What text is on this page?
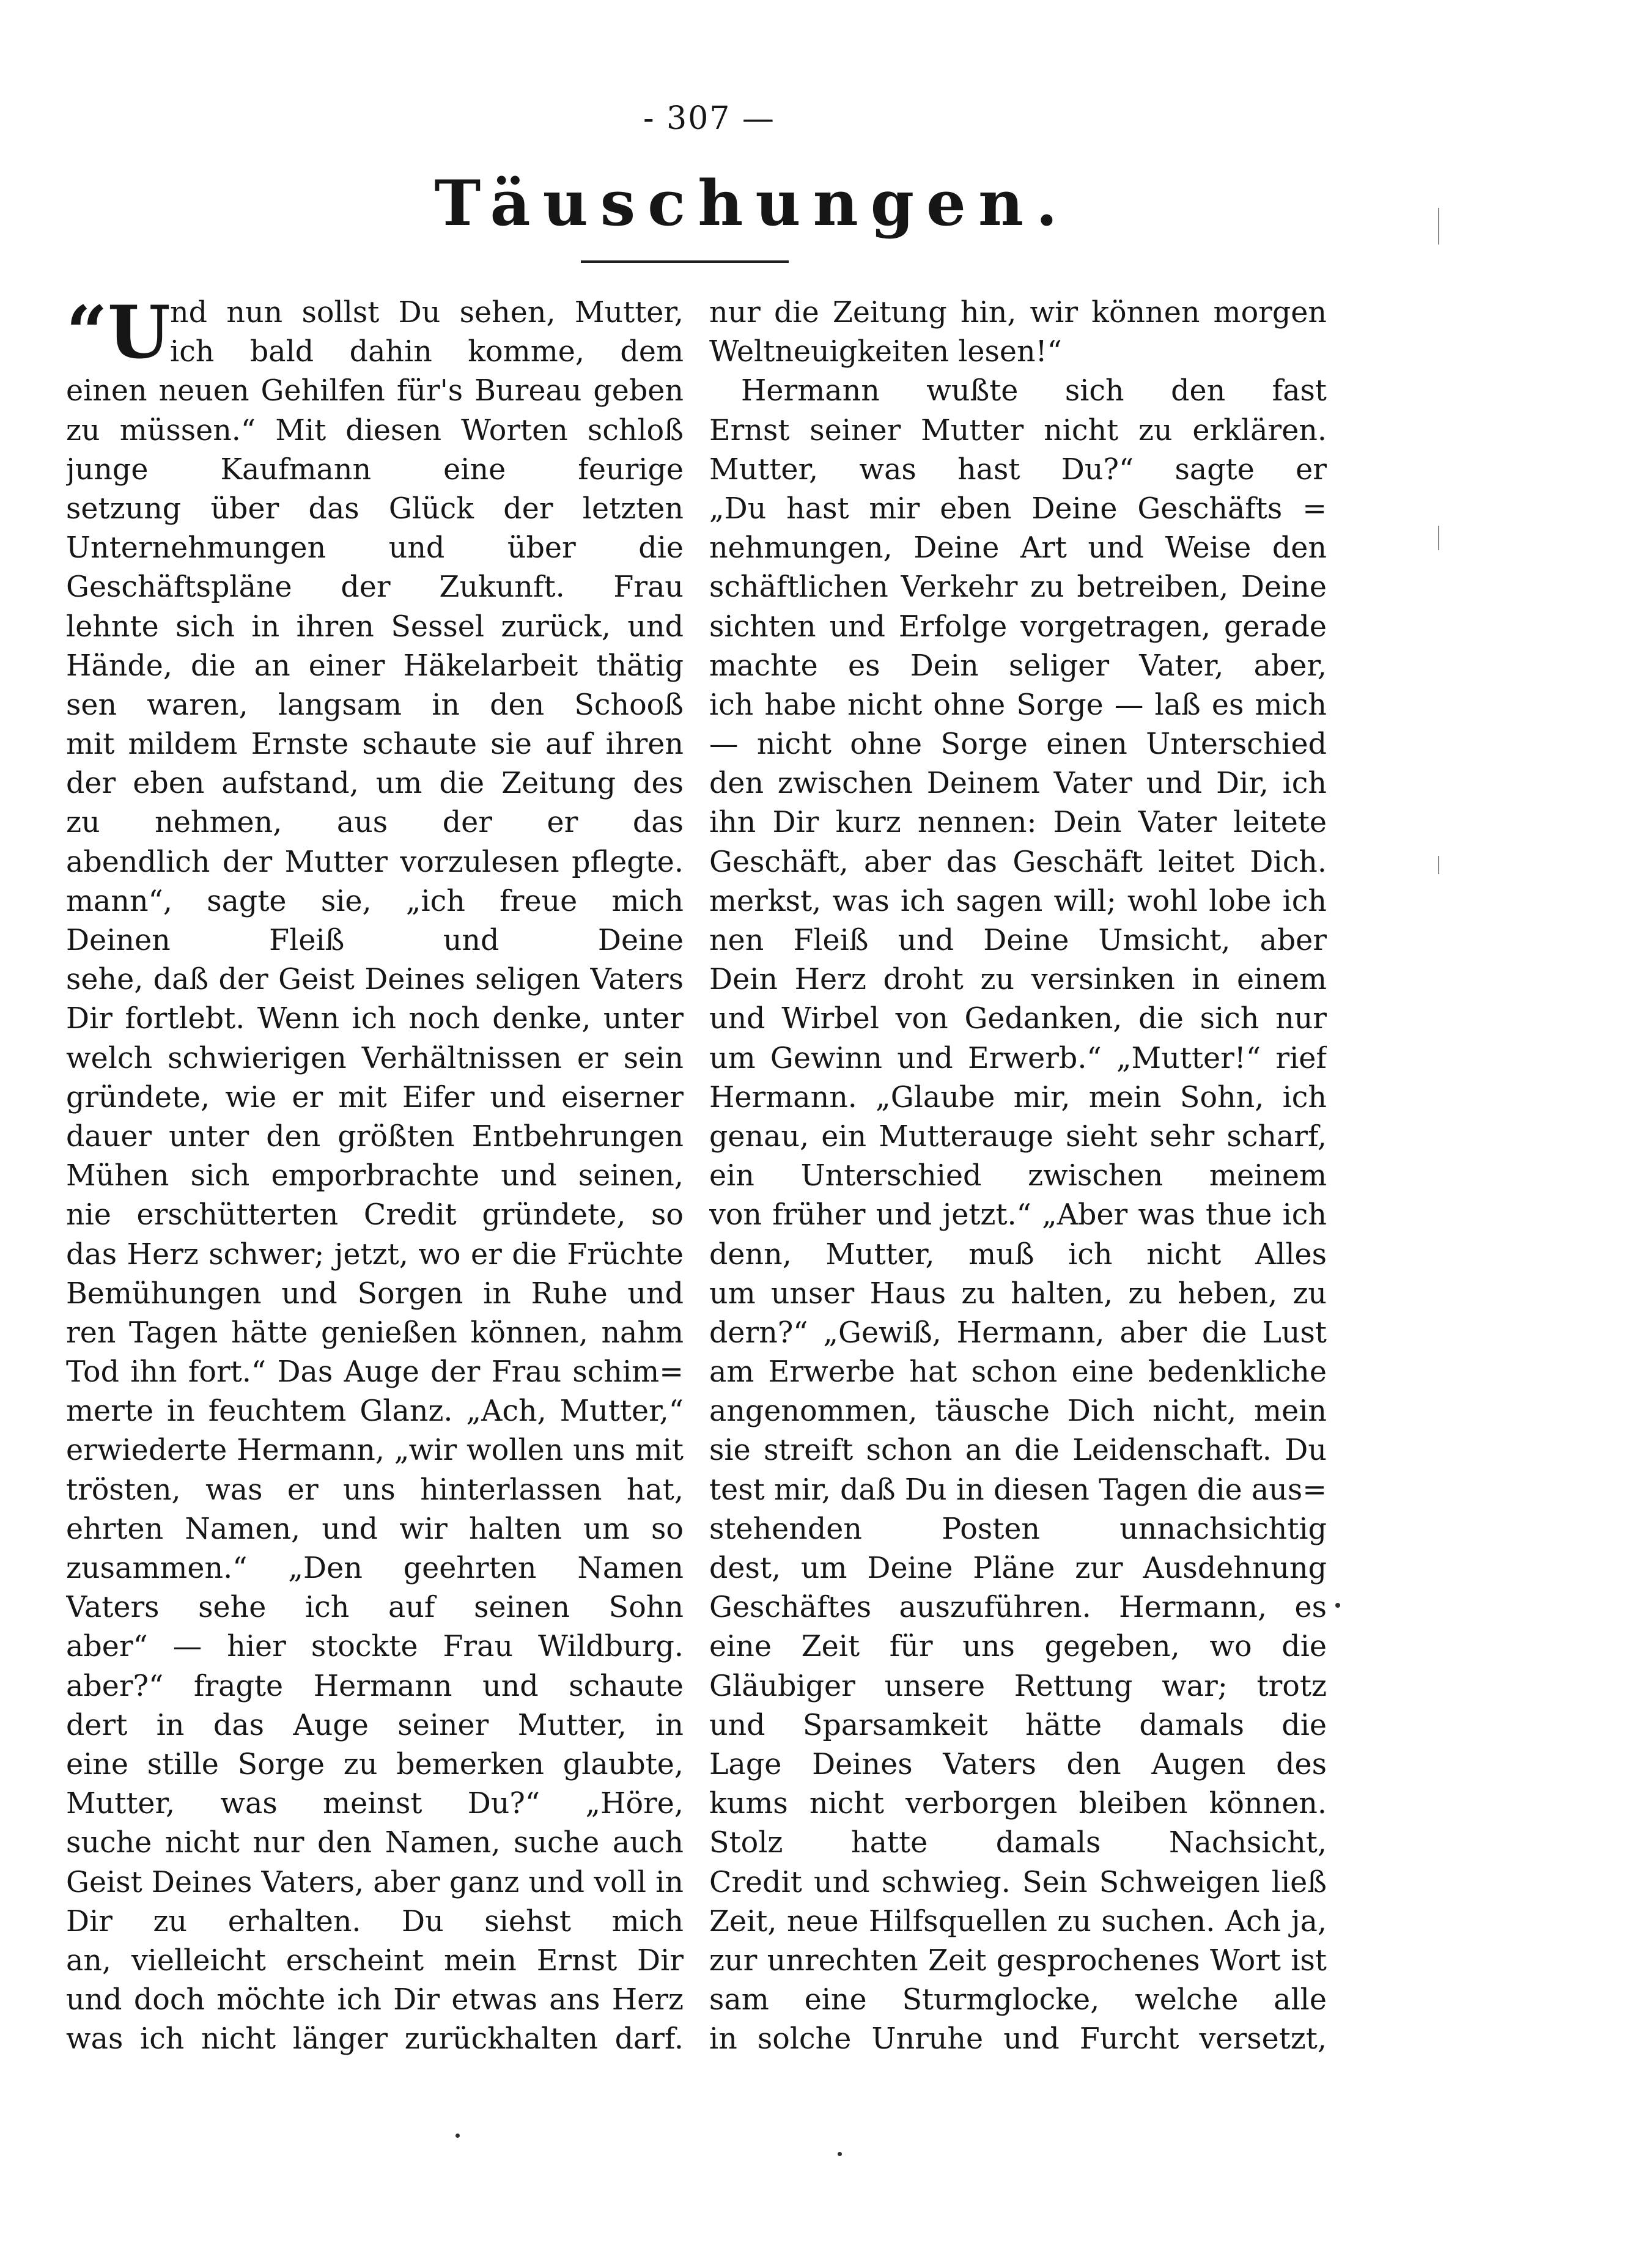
- 307 —
Täuschungen.
“U nd nun sollst Du sehen, Mutter,
ich bald dahin komme, dem
einen neuen Gehilfen für's Bureau geben
zu müssen.“ Mit diesen Worten schloß
junge Kaufmann eine feurige
setzung über das Glück der letzten
Unternehmungen und über die
Geschäftspläne der Zukunft. Frau
lehnte sich in ihren Sessel zurück, und
Hände, die an einer Häkelarbeit thätig
sen waren, langsam in den Schooß
mit mildem Ernste schaute sie auf ihren
der eben aufstand, um die Zeitung des
zu nehmen, aus der er das
abendlich der Mutter vorzulesen pflegte.
mann“, sagte sie, „ich freue mich
Deinen Fleiß und Deine
sehe, daß der Geist Deines seligen Vaters
Dir fortlebt. Wenn ich noch denke, unter
welch schwierigen Verhältnissen er sein
gründete, wie er mit Eifer und eiserner
dauer unter den größten Entbehrungen
Mühen sich emporbrachte und seinen,
nie erschütterten Credit gründete, so
das Herz schwer; jetzt, wo er die Früchte
Bemühungen und Sorgen in Ruhe und
ren Tagen hätte genießen können, nahm
Tod ihn fort.“ Das Auge der Frau schim=
merte in feuchtem Glanz. „Ach, Mutter,“
erwiederte Hermann, „wir wollen uns mit
trösten, was er uns hinterlassen hat,
ehrten Namen, und wir halten um so
zusammen.“ „Den geehrten Namen
Vaters sehe ich auf seinen Sohn
aber“ — hier stockte Frau Wildburg.
aber?“ fragte Hermann und schaute
dert in das Auge seiner Mutter, in
eine stille Sorge zu bemerken glaubte,
Mutter, was meinst Du?“ „Höre,
suche nicht nur den Namen, suche auch
Geist Deines Vaters, aber ganz und voll in
Dir zu erhalten. Du siehst mich
an, vielleicht erscheint mein Ernst Dir
und doch möchte ich Dir etwas ans Herz
was ich nicht länger zurückhalten darf.
nur die Zeitung hin, wir können morgen
Weltneuigkeiten lesen!“
Hermann wußte sich den fast
Ernst seiner Mutter nicht zu erklären.
Mutter, was hast Du?“ sagte er
„Du hast mir eben Deine Geschäfts =
nehmungen, Deine Art und Weise den
schäftlichen Verkehr zu betreiben, Deine
sichten und Erfolge vorgetragen, gerade
machte es Dein seliger Vater, aber,
ich habe nicht ohne Sorge — laß es mich
— nicht ohne Sorge einen Unterschied
den zwischen Deinem Vater und Dir, ich
ihn Dir kurz nennen: Dein Vater leitete
Geschäft, aber das Geschäft leitet Dich.
merkst, was ich sagen will; wohl lobe ich
nen Fleiß und Deine Umsicht, aber
Dein Herz droht zu versinken in einem
und Wirbel von Gedanken, die sich nur
um Gewinn und Erwerb.“ „Mutter!“ rief
Hermann. „Glaube mir, mein Sohn, ich
genau, ein Mutterauge sieht sehr scharf,
ein Unterschied zwischen meinem
von früher und jetzt.“ „Aber was thue ich
denn, Mutter, muß ich nicht Alles
um unser Haus zu halten, zu heben, zu
dern?“ „Gewiß, Hermann, aber die Lust
am Erwerbe hat schon eine bedenkliche
angenommen, täusche Dich nicht, mein
sie streift schon an die Leidenschaft. Du
test mir, daß Du in diesen Tagen die aus=
stehenden Posten unnachsichtig
dest, um Deine Pläne zur Ausdehnung
Geschäftes auszuführen. Hermann, es
eine Zeit für uns gegeben, wo die
Gläubiger unsere Rettung war; trotz
und Sparsamkeit hätte damals die
Lage Deines Vaters den Augen des
kums nicht verborgen bleiben können.
Stolz hatte damals Nachsicht,
Credit und schwieg. Sein Schweigen ließ
Zeit, neue Hilfsquellen zu suchen. Ach ja,
zur unrechten Zeit gesprochenes Wort ist
sam eine Sturmglocke, welche alle
in solche Unruhe und Furcht versetzt,
